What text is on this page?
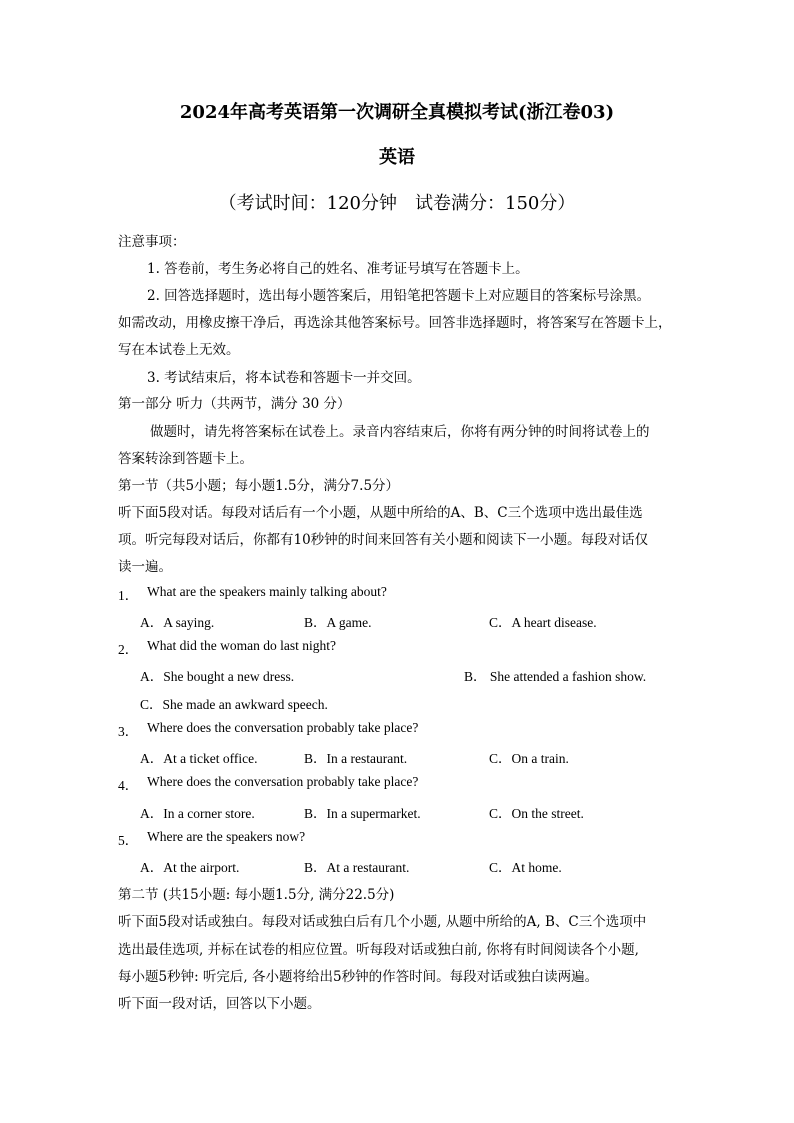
2024年高考英语第一次调研全真模拟考试(浙江卷03)
英语
（考试时间：120分钟　试卷满分：150分）
注意事项：
1. 答卷前，考生务必将自己的姓名、准考证号填写在答题卡上。
2. 回答选择题时，选出每小题答案后，用铅笔把答题卡上对应题目的答案标号涂黑。
如需改动，用橡皮擦干净后，再选涂其他答案标号。回答非选择题时，将答案写在答题卡上，
写在本试卷上无效。
3. 考试结束后，将本试卷和答题卡一并交回。
第一部分 听力（共两节，满分 30 分）
做题时，请先将答案标在试卷上。录音内容结束后，你将有两分钟的时间将试卷上的
答案转涂到答题卡上。
第一节（共5小题；每小题1.5分，满分7.5分）
听下面5段对话。每段对话后有一个小题，从题中所给的A、B、C三个选项中选出最佳选
项。听完每段对话后，你都有10秒钟的时间来回答有关小题和阅读下一小题。每段对话仅
读一遍。
1． What are the speakers mainly talking about?
A．A saying.	B．A game.	C．A heart disease.
2． What did the woman do last night?
A．She bought a new dress.	B． She attended a fashion show.
C．She made an awkward speech.
3． Where does the conversation probably take place?
A．At a ticket office.	B．In a restaurant.	C．On a train.
4． Where does the conversation probably take place?
A．In a corner store.	B．In a supermarket.	C．On the street.
5． Where are the speakers now?
A．At the airport.	B．At a restaurant.	C．At home.
第二节 (共15小题: 每小题1.5分, 满分22.5分)
听下面5段对话或独白。每段对话或独白后有几个小题, 从题中所给的A, B、C三个选项中
选出最佳选项, 并标在试卷的相应位置。听每段对话或独白前, 你将有时间阅读各个小题,
每小题5秒钟: 听完后, 各小题将给出5秒钟的作答时间。每段对话或独白读两遍。
听下面一段对话，回答以下小题。
